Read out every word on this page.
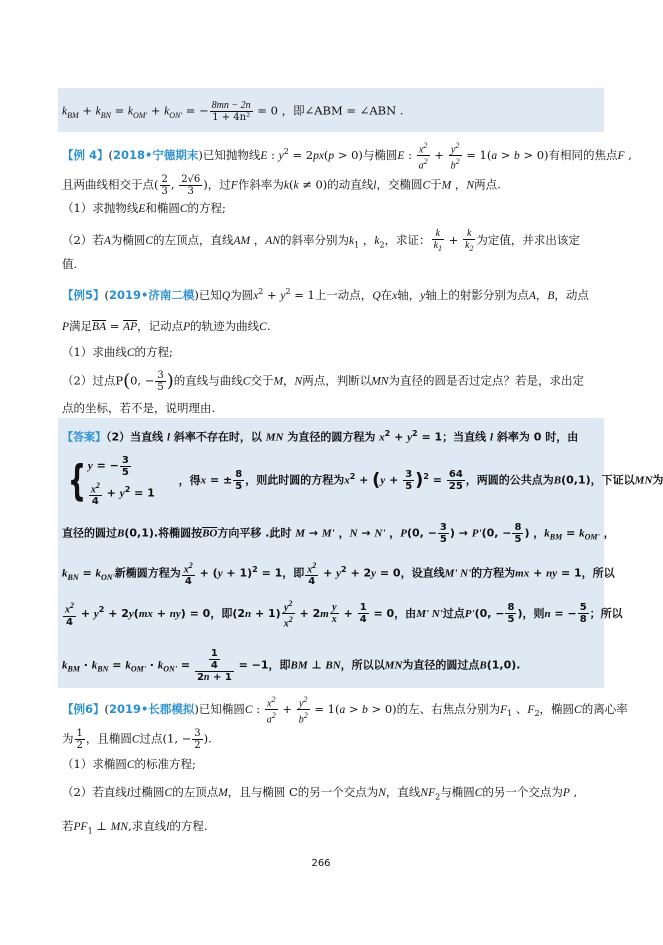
$k_{BM} + k_{BN} = k_{OM'} + k_{ON'}$ = − $\frac{8mn - 2n}{\text{1 + 4n²}} = 0$ ，即∠ABM = ∠ABN .
【例 4】(2018•宁德期末)已知抛物线E : $y^2 = 2px(p > 0)$与椭圆E : $\frac{x^2}{a^2} + \frac{y^2}{b^2} = 1(a > b > 0)$有相同的焦点F ,
且两曲线相交于点( $\frac{2}{3}$ , $\frac{2√6}{3}$ )，过F作斜率为k(k ≠ 0)的动直线l，交椭圆C于M ，N两点.
（1）求抛物线E和椭圆C的方程;
（2）若A为椭圆C的左顶点，直线AM ，AN的斜率分别为$k_1$ ，$k_2$，求证： $\frac{k}{k_1} + \frac{k}{k_2}$ 为定值，并求出该定
值.
【例5】(2019•济南二模)已知Q为圆$x^2 + y^2 = 1$上一动点，Q在x轴，y轴上的射影分别为点A，B，动点
P满足$\overline{BA} = \overline{AP}$，记动点P的轨迹为曲线C.
（1）求曲线C的方程;
（2）过点P(0, − $\frac{3}{5}$ )的直线与曲线C交于M，N两点，判断以MN为直径的圆是否过定点？若是，求出定
点的坐标，若不是，说明理由.
【答案】（2）当直线 l 斜率不存在时，以 MN 为直径的圆方程为 $x^2 + y^2 = 1$；当直线 l 斜率为 0 时，由
{ y = − $\frac{3}{5}$
$\frac{x^2}{4} + y^2 = 1$
，得x = ± $\frac{8}{5}$ ，则此时圆的方程为$x^2 + (y + \frac{3}{5} )^2 = \frac{64}{25}$ ，两圆的公共点为B(0,1)，下证以MN为
直径的圆过B(0,1).将椭圆按$\overline{BO}$方向平移 .此时 M → M' ，N → N' ，P(0, − $\frac{3}{5}$ ) → P'(0, − $\frac{8}{5}$ ) ，$k_{BM} = k_{OM'}$ ，
$k_{BN} = k_{ON'}$新椭圆方程为 $\frac{x^2}{4} + (y + 1)^2 = 1$，即 $\frac{x^2}{4} + y^2 + 2y = 0$，设直线M' N'的方程为mx + ny = 1，所以
$\frac{x^2}{4} + y^2 + 2y(mx + ny) = 0$，即$(2n + 1) \frac{y^2}{x^2} + 2m \frac{y}{x} + \frac{1}{4} = 0$，由M' N'过点P'(0, − $\frac{8}{5}$ )，则n = − $\frac{5}{8}$ ；所以
$k_{BM} \cdot k_{BN} = k_{OM'} \cdot k_{ON'} = \frac{\frac{1}{4}}{2n + 1} = -1$，即BM ⊥ BN，所以以MN为直径的圆过点B(1,0).
【例6】(2019•长郡模拟)已知椭圆C : $\frac{x^2}{a^2} + \frac{y^2}{b^2} = 1(a > b > 0)$的左、右焦点分别为$F_1$ 、$F_2$，椭圆C的离心率
为 $\frac{1}{2}$ ，且椭圆C过点(1, − $\frac{3}{2}$ ).
（1）求椭圆C的标准方程;
（2）若直线l过椭圆C的左顶点M，且与椭圆 C的另一个交点为N，直线$NF_2$与椭圆C的另一个交点为P ,
若$PF_1$ ⊥ MN,求直线l的方程.
266
